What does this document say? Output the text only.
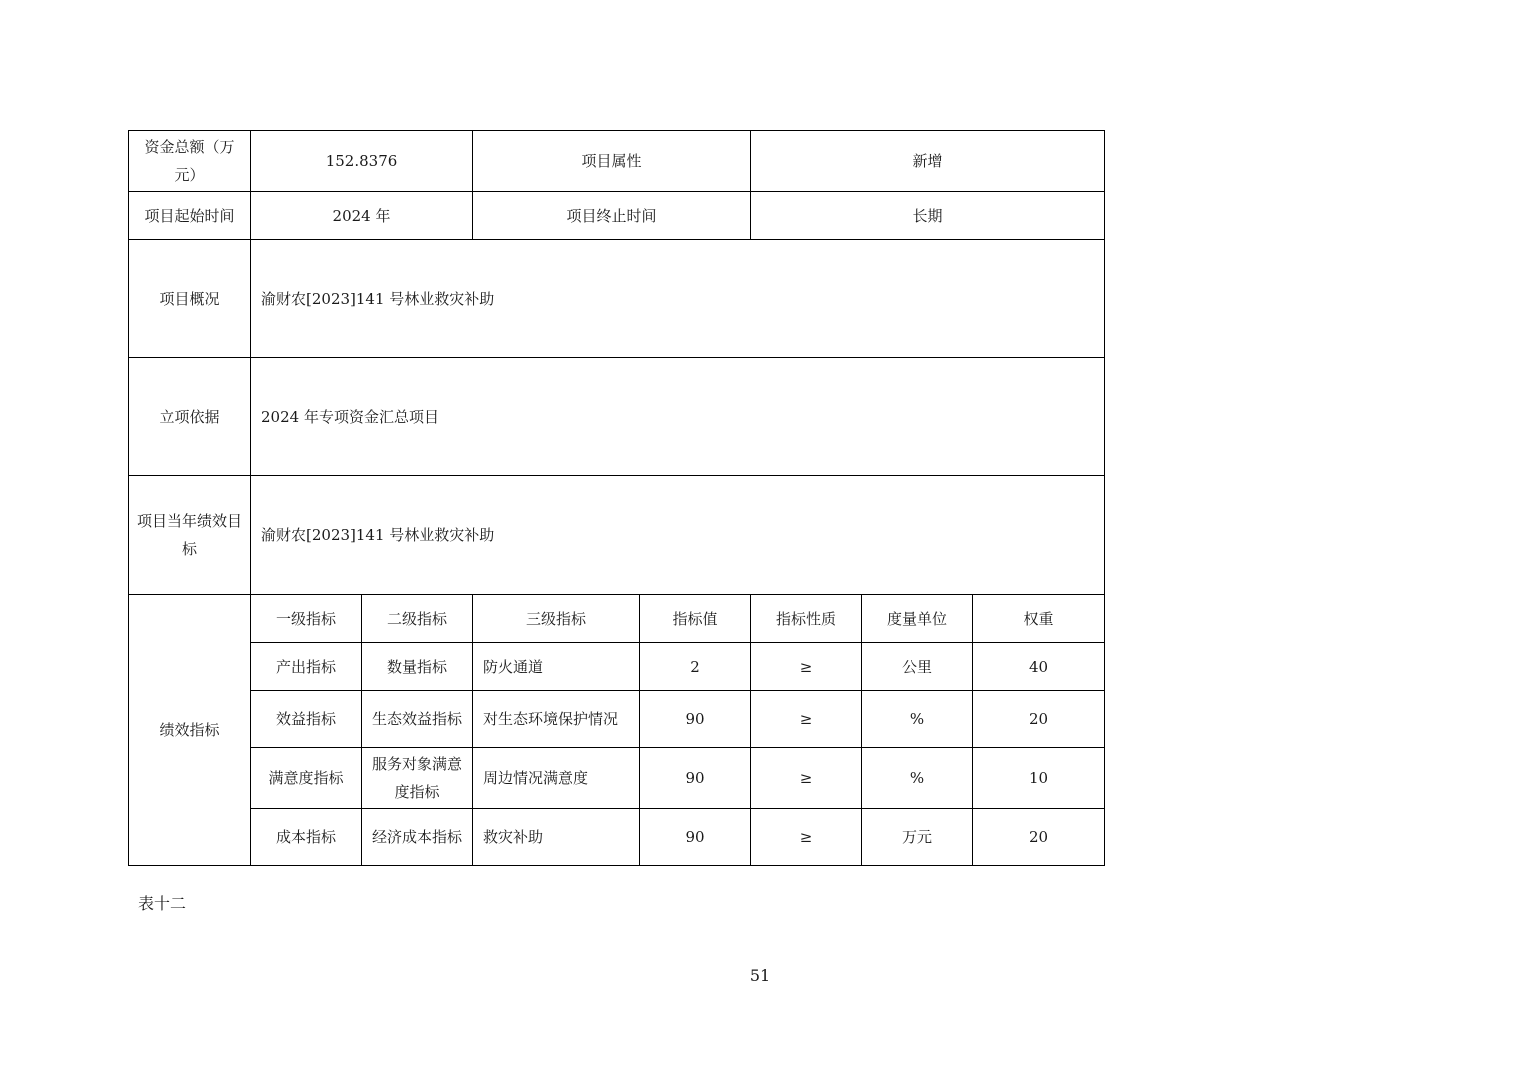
资金总额（万元）	152.8376		项目属性		新增		
项目起始时间	2024 年		项目终止时间		长期		
项目概况	渝财农[2023]141 号林业救灾补助						
立项依据	2024 年专项资金汇总项目						
项目当年绩效目标	渝财农[2023]141 号林业救灾补助						
绩效指标	一级指标	二级指标	三级指标	指标值	指标性质	度量单位	权重
	产出指标	数量指标	防火通道	2	≥	公里	40
	效益指标	生态效益指标	对生态环境保护情况	90	≥	%	20
	满意度指标	服务对象满意度指标	周边情况满意度	90	≥	%	10
	成本指标	经济成本指标	救灾补助	90	≥	万元	20
表十二
51
